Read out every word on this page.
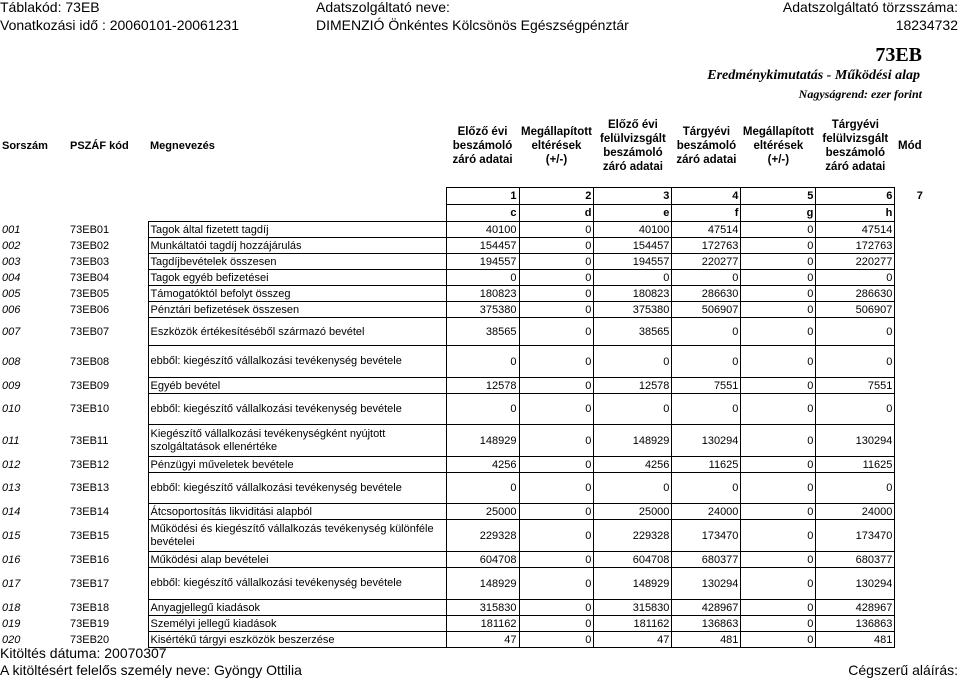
Táblakód: 73EB	Adatszolgáltató neve:	Adatszolgáltató törzsszáma:
Vonatkozási idő : 20060101-20061231	DIMENZIÓ Önkéntes Kölcsönös Egészségpénztár	18234732
73EB
Eredménykimutatás - Működési alap
Nagyságrend: ezer forint
Sorszám	PSZÁF kód	Megnevezés	Előző évi beszámoló záró adatai	Megállapított eltérések (+/-)	Előző évi felülvizsgált beszámoló záró adatai	Tárgyévi beszámoló záró adatai	Megállapított eltérések (+/-)	Tárgyévi felülvizsgált beszámoló záró adatai	Mód
			1	2	3	4	5	6	7
			c	d	e	f	g	h	
001	73EB01	Tagok által fizetett tagdíj	40100	0	40100	47514	0	47514	
002	73EB02	Munkáltatói tagdíj hozzájárulás	154457	0	154457	172763	0	172763	
003	73EB03	Tagdíjbevételek összesen	194557	0	194557	220277	0	220277	
004	73EB04	Tagok egyéb befizetései	0	0	0	0	0	0	
005	73EB05	Támogatóktól befolyt összeg	180823	0	180823	286630	0	286630	
006	73EB06	Pénztári befizetések összesen	375380	0	375380	506907	0	506907	
007	73EB07	Eszközök értékesítéséből származó bevétel	38565	0	38565	0	0	0	
008	73EB08	ebből: kiegészítő vállalkozási tevékenység bevétele	0	0	0	0	0	0	
009	73EB09	Egyéb bevétel	12578	0	12578	7551	0	7551	
010	73EB10	ebből: kiegészítő vállalkozási tevékenység bevétele	0	0	0	0	0	0	
011	73EB11	Kiegészítő vállalkozási tevékenységként nyújtott szolgáltatások ellenértéke	148929	0	148929	130294	0	130294	
012	73EB12	Pénzügyi műveletek bevétele	4256	0	4256	11625	0	11625	
013	73EB13	ebből: kiegészítő vállalkozási tevékenység bevétele	0	0	0	0	0	0	
014	73EB14	Átcsoportosítás likviditási alapból	25000	0	25000	24000	0	24000	
015	73EB15	Működési és kiegészítő vállalkozás tevékenység különféle bevételei	229328	0	229328	173470	0	173470	
016	73EB16	Működési alap bevételei	604708	0	604708	680377	0	680377	
017	73EB17	ebből: kiegészítő vállalkozási tevékenység bevétele	148929	0	148929	130294	0	130294	
018	73EB18	Anyagjellegű kiadások	315830	0	315830	428967	0	428967	
019	73EB19	Személyi jellegű kiadások	181162	0	181162	136863	0	136863	
020	73EB20	Kisértékű tárgyi eszközök beszerzése	47	0	47	481	0	481	
Kitöltés dátuma: 20070307
A kitöltésért felelős személy neve: Gyöngy Ottilia	Cégszerű aláírás:
